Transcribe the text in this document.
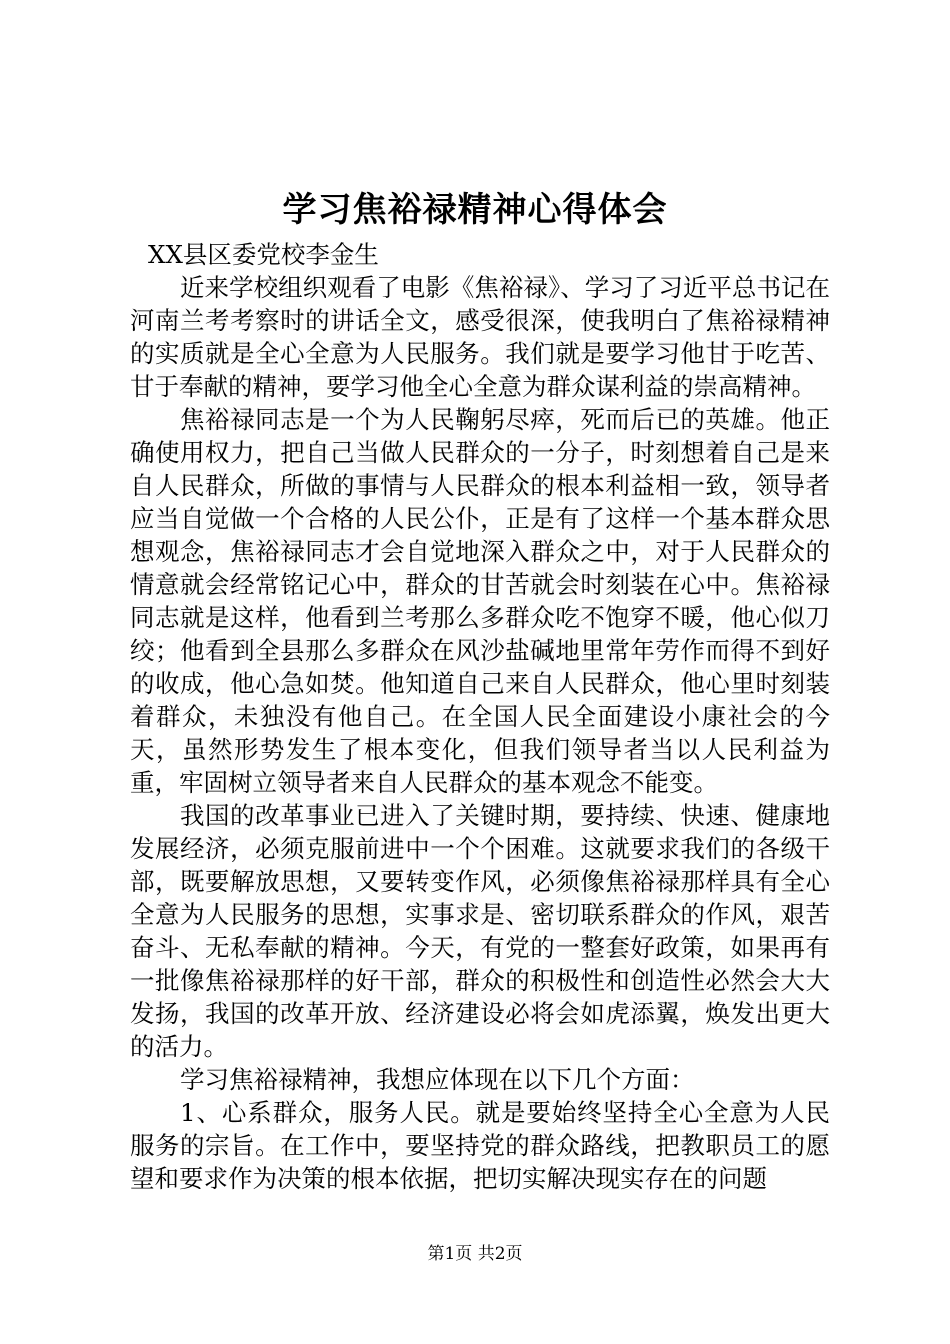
学习焦裕禄精神心得体会

XX县区委党校李金生

近来学校组织观看了电影《焦裕禄》、学习了习近平总书记在河南兰考考察时的讲话全文，感受很深，使我明白了焦裕禄精神的实质就是全心全意为人民服务。我们就是要学习他甘于吃苦、甘于奉献的精神，要学习他全心全意为群众谋利益的崇高精神。

焦裕禄同志是一个为人民鞠躬尽瘁，死而后已的英雄。他正确使用权力，把自己当做人民群众的一分子，时刻想着自己是来自人民群众，所做的事情与人民群众的根本利益相一致，领导者应当自觉做一个合格的人民公仆，正是有了这样一个基本群众思想观念，焦裕禄同志才会自觉地深入群众之中，对于人民群众的情意就会经常铭记心中，群众的甘苦就会时刻装在心中。焦裕禄同志就是这样，他看到兰考那么多群众吃不饱穿不暖，他心似刀绞；他看到全县那么多群众在风沙盐碱地里常年劳作而得不到好的收成，他心急如焚。他知道自己来自人民群众，他心里时刻装着群众，未独没有他自己。在全国人民全面建设小康社会的今天，虽然形势发生了根本变化，但我们领导者当以人民利益为重，牢固树立领导者来自人民群众的基本观念不能变。

我国的改革事业已进入了关键时期，要持续、快速、健康地发展经济，必须克服前进中一个个困难。这就要求我们的各级干部，既要解放思想，又要转变作风，必须像焦裕禄那样具有全心全意为人民服务的思想，实事求是、密切联系群众的作风，艰苦奋斗、无私奉献的精神。今天，有党的一整套好政策，如果再有一批像焦裕禄那样的好干部，群众的积极性和创造性必然会大大发扬，我国的改革开放、经济建设必将会如虎添翼，焕发出更大的活力。

学习焦裕禄精神，我想应体现在以下几个方面：

1、心系群众，服务人民。就是要始终坚持全心全意为人民服务的宗旨。在工作中，要坚持党的群众路线，把教职员工的愿望和要求作为决策的根本依据，把切实解决现实存在的问题

第1页 共2页
